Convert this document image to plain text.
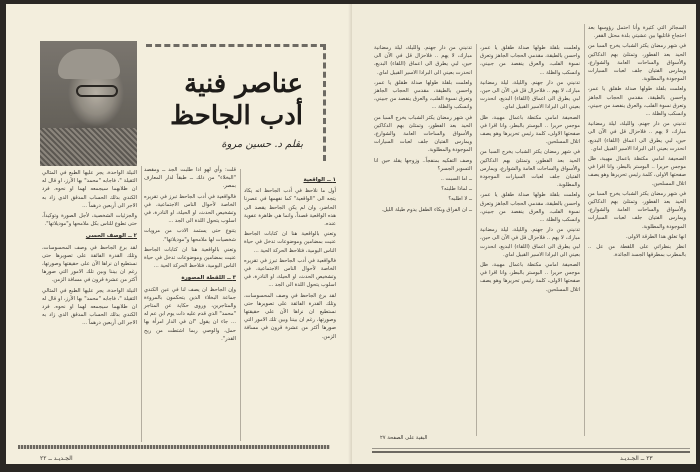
عناصر فنية
أدب الجاحظ
بقلم د. حسين مروة
١ ــ الواقعية

أول ما نلاحظ في أدب الجاحظ انه يكاد يتجه الى "الواقعية" كما نفهمها في عصرنا الحاضر، وان لم يكن الجاحظ يقصد الى هذه الواقعية قصداً، وانما هي ظاهرة عفوية عنده.

وتعني بالواقعية هنا ان كتابات الجاحظ عنيت بمضامين وموضوعات تدخل في حياة الناس اليومية، فتلاحظ الحركة الحية ...

فالواقعية في أدب الجاحظ تبرز في تقريره الخاصة لأحوال الناس الاجتماعية، في وتشخيص الحدث، او الحيلة، او النادرة، في اسلوب يتحول اللذة الى الجد ...

لقد برع الجاحظ في وصف المحسوسات، وتلك القدرة الفائقة على تصويرها حتى نستطيع ان نراها الآن على حقيقتها وصورتها، رغم ان بيننا وبين تلك الامور التي صورها أكثر من عشرة قرون في مسافة الزمن.

قلت: وأي لهو اذا طلبت الجد ــ ومقصد "البخلاء" من ذلك ــ طبقاً لدار المعارف بمصر.

فالواقعية في أدب الجاحظ تبرز في تقريره الخاصة لأحوال الناس الاجتماعية، في وتشخيص الحدث، او الحيلة، او النادرة، في اسلوب يتحول اللذة الى الجد ...

يتنوع حتى يستمد الادب من مرويات شخصيات لها ملامحها و"موديلاتها".

وتعني بالواقعية هنا ان كتابات الجاحظ عنيت بمضامين وموضوعات تدخل في حياة الناس اليومية، فتلاحظ الحركة الحية ...

٣ ــ اللقطة المصورة

وإن الجاحظ ان يصف لنا في عين الكندي جماعة البخلاء الذين يتحكمون بالمروءة والمتاجرين، وروى حكاية عن المتاجر "محمد" الذي قدم عليه ذات يوم ابن عم له ... جاء ان يقول "ان في الدار امرأة بها حمل، والوصي ربما اشتطت من ريح القدر".

النيلة الواحدة، يجر عليها الطبع في المثالي الثقيلة "، فاجابه "محمد" بها الأرز، او قال له ان طلابهما سيجمعه لهما او نحوه. فرد الكندي بذلك الحساب المدقق الذي زاد به الاجر الى أربعين درهماً ...

والجزئيات الشخصية، لأجل الصورة وتوكيداً، حتى تطوع للناس بكل ملامحها و"موديلاتها".

٢ ــ الوصف الحسي

لقد برع الجاحظ في وصف المحسوسات، وتلك القدرة الفائقة على تصويرها حتى نستطيع ان نراها الآن على حقيقتها وصورتها، رغم ان بيننا وبين تلك الامور التي صورها أكثر من عشرة قرون في مسافة الزمن.

النيلة الواحدة، يجر عليها الطبع في المثالي الثقيلة "، فاجابه "محمد" بها الأرز، او قال له ان طلابهما سيجمعه لهما او نحوه. فرد الكندي بذلك الحساب المدقق الذي زاد به الاجر الى أربعين درهماً ...

الجـديـد ــ ٢٢

السجائر التي كثيرة وأنا احتمل رؤوسها بعد احتجاج قاتليها بين عشيتي بلدة محتل القفر.

في شهر رمضان يكثر الشباب يخرج السبا من الحيد بعد الفطور، وتمتلئ بهم الدكاكين والأسواق والساحات العامة والشوارع، ويمارس الفتيان جلف لعبات السيارات الموجودة والمطلوبة.

ولعلمت بلقلة طولها صدلة طقلق يا عمر، واحسن بالطيقة، مقدمي الحجاب الجاهز وتعرق نسوة الفلب، والعرق ينفصد من جبيني، وانسكب والظلة ...

تدنيني من دار جهنم. والليلة، ليلة رمضانية مبارك، لا يهم .. فلاحزال قل في الآن الى حين، لبي يطرق الى اعماق (اللقاء) البديع، انحدرت بعيني الى البرادا الاسير القبيل اماي.

الصحيفة امامي مكتظة باعمال مهيبة، ظل موجس حريرا .. البوستر بالبطر، وانا اقرا في صفحتها الاولى، كلمة رئيس تحريرها وهو يصف اتلال المسلحين.

في شهر رمضان يكثر الشباب يخرج السبا من الحيد بعد الفطور، وتمتلئ بهم الدكاكين والأسواق والساحات العامة والشوارع، ويمارس الفتيان جلف لعبات السيارات الموجودة والمطلوبة.

انها تغلق هذا الطرقة الاولى.

انظر بنظراتي على اللقطة من عل .. بالمطرب بمطرقها الجسد الجائدة.

ولعلمت بلقلة طولها صدلة طقلق يا عمر، واحسن بالطيقة، مقدمي الحجاب الجاهز وتعرق نسوة الفلب، والعرق ينفصد من جبيني، وانسكب والظلة ...

تدنيني من دار جهنم. والليلة، ليلة رمضانية مبارك، لا يهم .. فلاحزال قل في الآن الى حين، لبي يطرق الى اعماق (اللقاء) البديع، انحدرت بعيني الى البرادا الاسير القبيل اماي.

الصحيفة امامي مكتظة باعمال مهيبة، ظل موجس حريرا .. البوستر بالبطر، وانا اقرا في صفحتها الاولى، كلمة رئيس تحريرها وهو يصف اتلال المسلحين.

في شهر رمضان يكثر الشباب يخرج السبا من الحيد بعد الفطور، وتمتلئ بهم الدكاكين والأسواق والساحات العامة والشوارع، ويمارس الفتيان جلف لعبات السيارات الموجودة والمطلوبة.

ولعلمت بلقلة طولها صدلة طقلق يا عمر، واحسن بالطيقة، مقدمي الحجاب الجاهز وتعرق نسوة الفلب، والعرق ينفصد من جبيني، وانسكب والظلة ...

تدنيني من دار جهنم. والليلة، ليلة رمضانية مبارك، لا يهم .. فلاحزال قل في الآن الى حين، لبي يطرق الى اعماق (اللقاء) البديع، انحدرت بعيني الى البرادا الاسير القبيل اماي.

الصحيفة امامي مكتظة باعمال مهيبة، ظل موجس حريرا .. البوستر بالبطر، وانا اقرا في صفحتها الاولى، كلمة رئيس تحريرها وهو يصف اتلال المسلحين.

تدنيني من دار جهنم. والليلة، ليلة رمضانية مبارك، لا يهم .. فلاحزال قل في الآن الى حين، لبي يطرق الى اعماق (اللقاء) البديع، انحدرت بعيني الى البرادا الاسير القبيل اماي.

ولعلمت بلقلة طولها صدلة طقلق يا عمر، واحسن بالطيقة، مقدمي الحجاب الجاهز وتعرق نسوة الفلب، والعرق ينفصد من جبيني، وانسكب والظلة ...

في شهر رمضان يكثر الشباب يخرج السبا من الحيد بعد الفطور، وتمتلئ بهم الدكاكين والأسواق والساحات العامة والشوارع، ويمارس الفتيان جلف لعبات السيارات الموجودة والمطلوبة.

وصف التفكيه بمنفجاً.. وزوجها يقلد حين انا التسوير الجسر؟

ــ اما السبت ..

ــ لماذا طلبته؟

ــ لا اطلبه؟

ــ ان الفراق وبكاء الطفل يدوم طيلة الليل.

البقية على الصفحة ٢٧
٢٣ ــ الجـديـد
